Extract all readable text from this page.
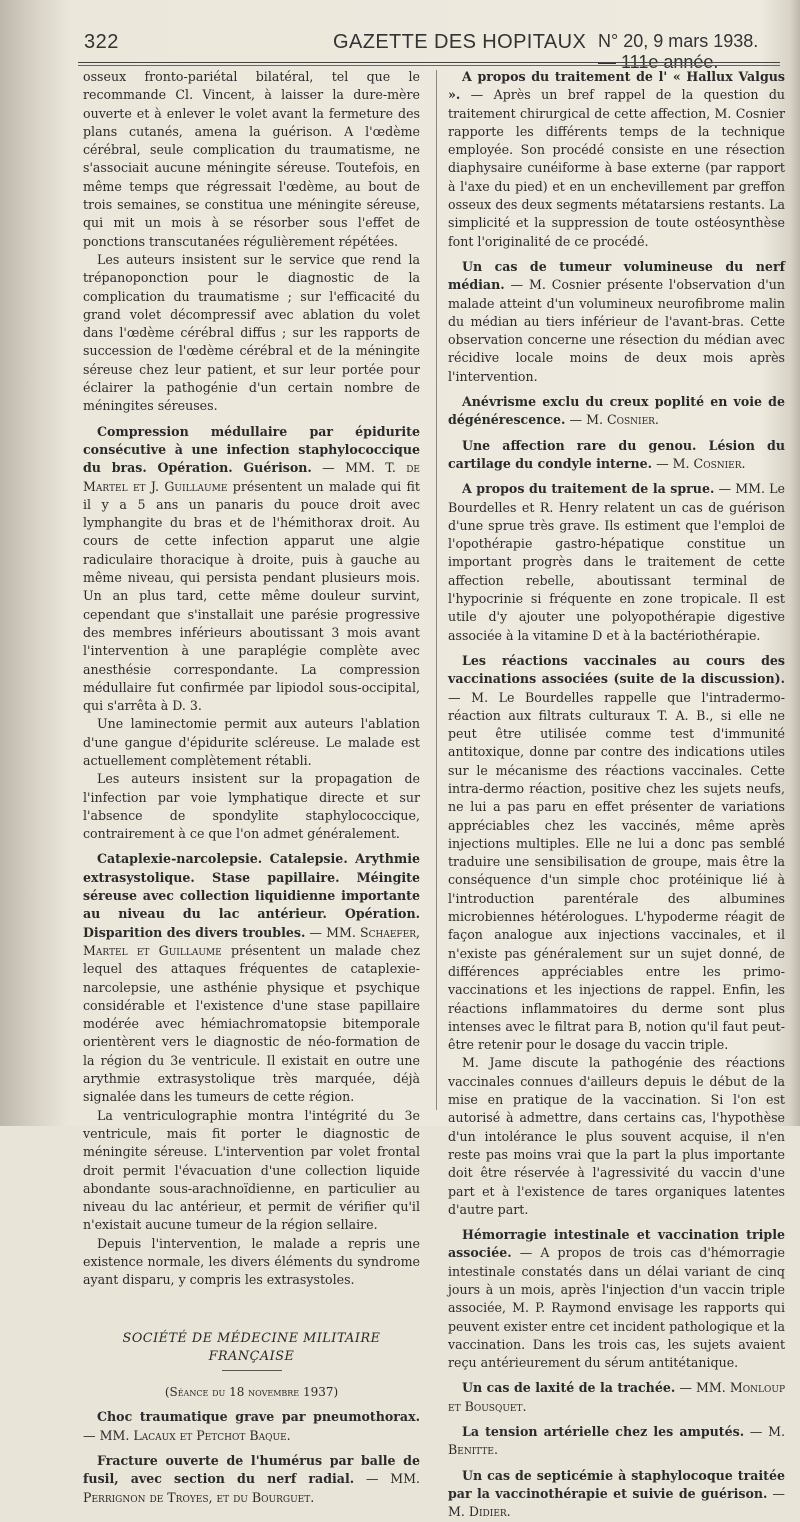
322	GAZETTE DES HOPITAUX N° 20, 9 mars 1938. — 111e année.

osseux fronto-pariétal bilatéral, tel que le recommande Cl. Vincent, à laisser la dure-mère ouverte et à enlever le volet avant la fermeture des plans cutanés, amena la guérison. A l'œdème cérébral, seule complication du traumatisme, ne s'associait aucune méningite séreuse. Toutefois, en même temps que régressait l'œdème, au bout de trois semaines, se constitua une méningite séreuse, qui mit un mois à se résorber sous l'effet de ponctions transcutanées régulièrement répétées.

Les auteurs insistent sur le service que rend la trépanoponction pour le diagnostic de la complication du traumatisme ; sur l'efficacité du grand volet décompressif avec ablation du volet dans l'œdème cérébral diffus ; sur les rapports de succession de l'œdème cérébral et de la méningite séreuse chez leur patient, et sur leur portée pour éclairer la pathogénie d'un certain nombre de méningites séreuses.

Compression médullaire par épidurite consécutive à une infection staphylococcique du bras. Opération. Guérison. — MM. T. de Martel et J. Guillaume présentent un malade qui fit il y a 5 ans un panaris du pouce droit avec lymphangite du bras et de l'hémithorax droit. Au cours de cette infection apparut une algie radiculaire thoracique à droite, puis à gauche au même niveau, qui persista pendant plusieurs mois. Un an plus tard, cette même douleur survint, cependant que s'installait une parésie progressive des membres inférieurs aboutissant 3 mois avant l'intervention à une paraplégie complète avec anesthésie correspondante. La compression médullaire fut confirmée par lipiodol sous-occipital, qui s'arrêta à D. 3.

Une laminectomie permit aux auteurs l'ablation d'une gangue d'épidurite scléreuse. Le malade est actuellement complètement rétabli.

Les auteurs insistent sur la propagation de l'infection par voie lymphatique directe et sur l'absence de spondylite staphylococcique, contrairement à ce que l'on admet généralement.

Cataplexie-narcolepsie. Catalepsie. Arythmie extrasystolique. Stase papillaire. Méingite séreuse avec collection liquidienne importante au niveau du lac antérieur. Opération. Disparition des divers troubles. — MM. Schaefer, Martel et Guillaume présentent un malade chez lequel des attaques fréquentes de cataplexie-narcolepsie, une asthénie physique et psychique considérable et l'existence d'une stase papillaire modérée avec hémiachromatopsie bitemporale orientèrent vers le diagnostic de néo-formation de la région du 3e ventricule. Il existait en outre une arythmie extrasystolique très marquée, déjà signalée dans les tumeurs de cette région.

La ventriculographie montra l'intégrité du 3e ventricule, mais fit porter le diagnostic de méningite séreuse. L'intervention par volet frontal droit permit l'évacuation d'une collection liquide abondante sous-arachnoïdienne, en particulier au niveau du lac antérieur, et permit de vérifier qu'il n'existait aucune tumeur de la région sellaire.

Depuis l'intervention, le malade a repris une existence normale, les divers éléments du syndrome ayant disparu, y compris les extrasystoles.

SOCIÉTÉ DE MÉDECINE MILITAIRE FRANÇAISE
(Séance du 18 novembre 1937)

Choc traumatique grave par pneumothorax. — MM. Lacaux et Petchot Baque.

Fracture ouverte de l'humérus par balle de fusil, avec section du nerf radial. — MM. Perrignon de Troyes, et du Bourguet.

A propos du traitement de l' « Hallux Valgus ». — Après un bref rappel de la question du traitement chirurgical de cette affection, M. Cosnier rapporte les différents temps de la technique employée. Son procédé consiste en une résection diaphysaire cunéiforme à base externe (par rapport à l'axe du pied) et en un enchevillement par greffon osseux des deux segments métatarsiens restants. La simplicité et la suppression de toute ostéosynthèse font l'originalité de ce procédé.

Un cas de tumeur volumineuse du nerf médian. — M. Cosnier présente l'observation d'un malade atteint d'un volumineux neurofibrome malin du médian au tiers inférieur de l'avant-bras. Cette observation concerne une résection du médian avec récidive locale moins de deux mois après l'intervention.

Anévrisme exclu du creux poplité en voie de dégénérescence. — M. Cosnier.

Une affection rare du genou. Lésion du cartilage du condyle interne. — M. Cosnier.

A propos du traitement de la sprue. — MM. Le Bourdelles et R. Henry relatent un cas de guérison d'une sprue très grave. Ils estiment que l'emploi de l'opothérapie gastro-hépatique constitue un important progrès dans le traitement de cette affection rebelle, aboutissant terminal de l'hypocrinie si fréquente en zone tropicale. Il est utile d'y ajouter une polyopothérapie digestive associée à la vitamine D et à la bactériothérapie.

Les réactions vaccinales au cours des vaccinations associées (suite de la discussion). — M. Le Bourdelles rappelle que l'intradermo-réaction aux filtrats culturaux T. A. B., si elle ne peut être utilisée comme test d'immunité antitoxique, donne par contre des indications utiles sur le mécanisme des réactions vaccinales. Cette intra-dermo réaction, positive chez les sujets neufs, ne lui a pas paru en effet présenter de variations appréciables chez les vaccinés, même après injections multiples. Elle ne lui a donc pas semblé traduire une sensibilisation de groupe, mais être la conséquence d'un simple choc protéinique lié à l'introduction parentérale des albumines microbiennes hétérologues. L'hypoderme réagit de façon analogue aux injections vaccinales, et il n'existe pas généralement sur un sujet donné, de différences appréciables entre les primo-vaccinations et les injections de rappel. Enfin, les réactions inflammatoires du derme sont plus intenses avec le filtrat para B, notion qu'il faut peut-être retenir pour le dosage du vaccin triple.

M. Jame discute la pathogénie des réactions vaccinales connues d'ailleurs depuis le début de la mise en pratique de la vaccination. Si l'on est autorisé à admettre, dans certains cas, l'hypothèse d'un intolérance le plus souvent acquise, il n'en reste pas moins vrai que la part la plus importante doit être réservée à l'agressivité du vaccin d'une part et à l'existence de tares organiques latentes d'autre part.

Hémorragie intestinale et vaccination triple associée. — A propos de trois cas d'hémorragie intestinale constatés dans un délai variant de cinq jours à un mois, après l'injection d'un vaccin triple associée, M. P. Raymond envisage les rapports qui peuvent exister entre cet incident pathologique et la vaccination. Dans les trois cas, les sujets avaient reçu antérieurement du sérum antitétanique.

Un cas de laxité de la trachée. — MM. Monloup et Bousquet.

La tension artérielle chez les amputés. — M. Benitte.

Un cas de septicémie à staphylocoque traitée par la vaccinothérapie et suivie de guérison. — M. Didier.
